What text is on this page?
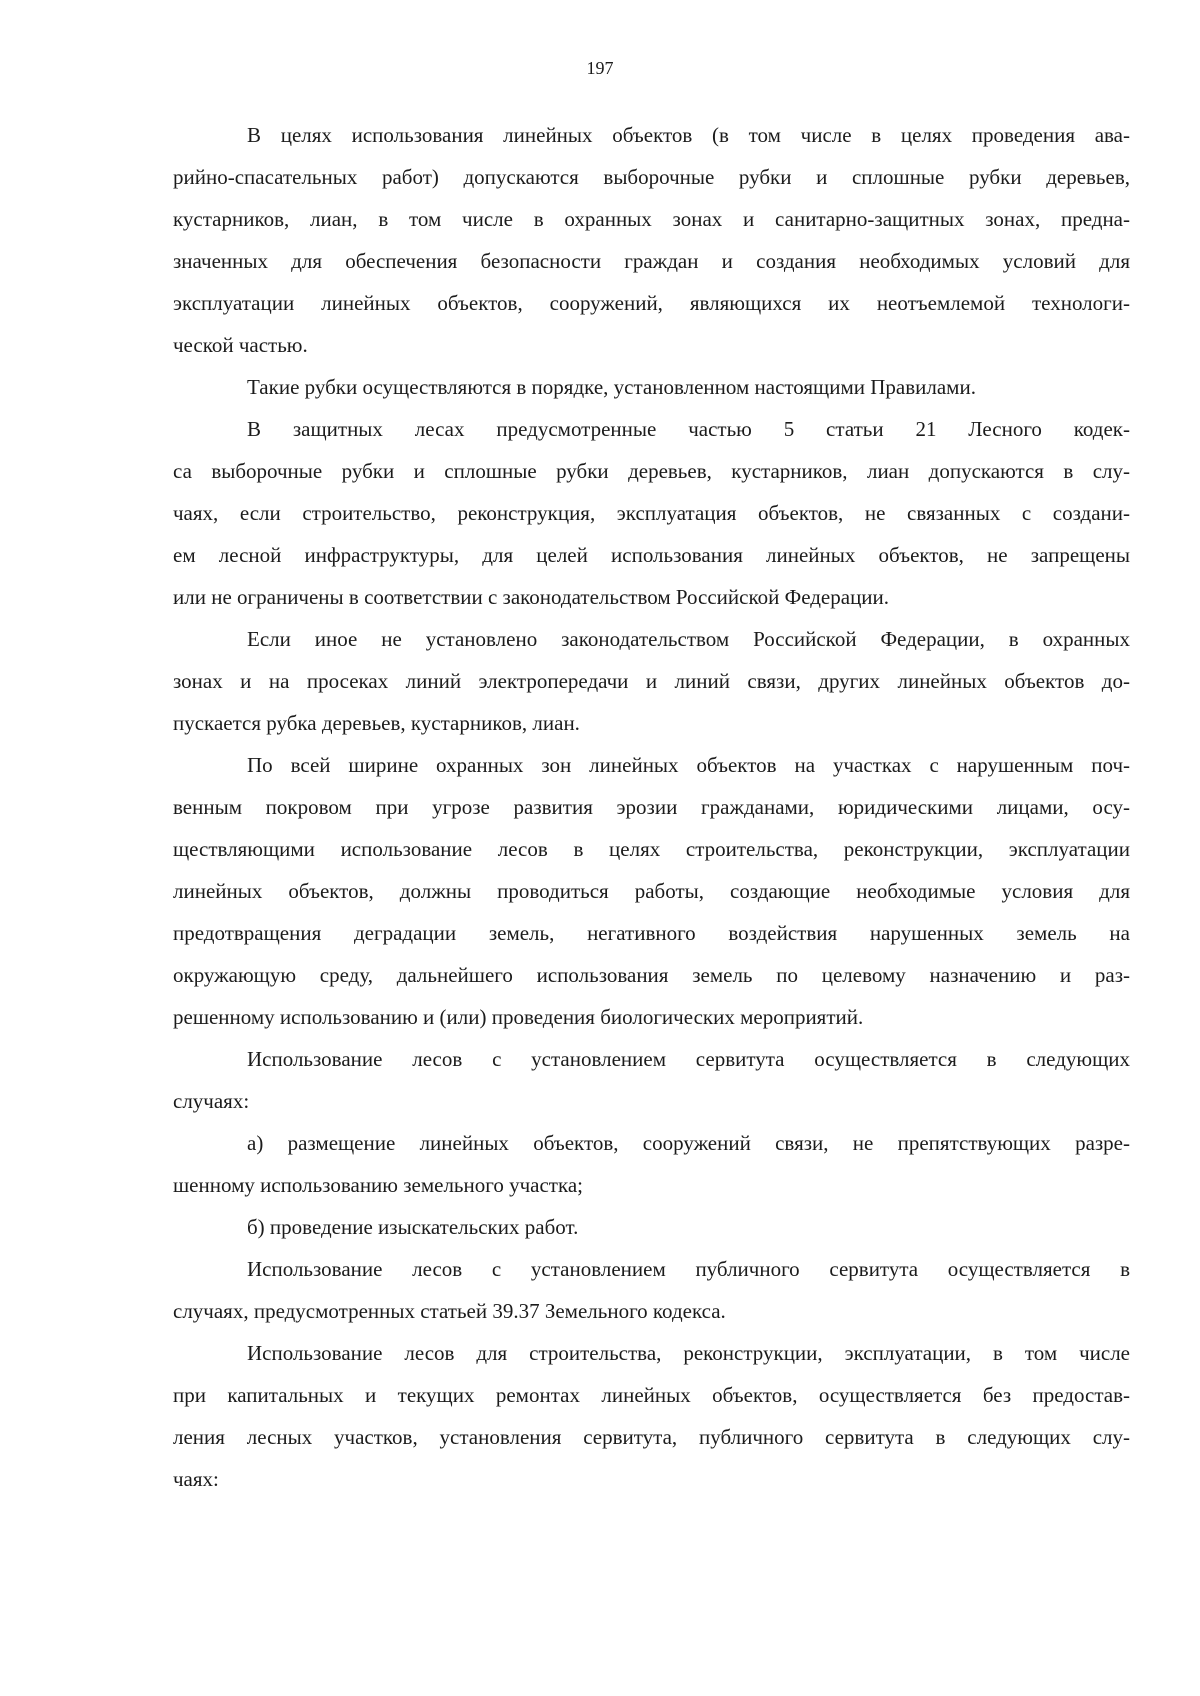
197
В целях использования линейных объектов (в том числе в целях проведения ава-
рийно-спасательных работ) допускаются выборочные рубки и сплошные рубки деревьев,
кустарников, лиан, в том числе в охранных зонах и санитарно-защитных зонах, предна-
значенных для обеспечения безопасности граждан и создания необходимых условий для
эксплуатации линейных объектов, сооружений, являющихся их неотъемлемой технологи-
ческой частью.
Такие рубки осуществляются в порядке, установленном настоящими Правилами.
В защитных лесах предусмотренные частью 5 статьи 21 Лесного кодек-
са выборочные рубки и сплошные рубки деревьев, кустарников, лиан допускаются в слу-
чаях, если строительство, реконструкция, эксплуатация объектов, не связанных с создани-
ем лесной инфраструктуры, для целей использования линейных объектов, не запрещены
или не ограничены в соответствии с законодательством Российской Федерации.
Если иное не установлено законодательством Российской Федерации, в охранных
зонах и на просеках линий электропередачи и линий связи, других линейных объектов до-
пускается рубка деревьев, кустарников, лиан.
По всей ширине охранных зон линейных объектов на участках с нарушенным поч-
венным покровом при угрозе развития эрозии гражданами, юридическими лицами, осу-
ществляющими использование лесов в целях строительства, реконструкции, эксплуатации
линейных объектов, должны проводиться работы, создающие необходимые условия для
предотвращения деградации земель, негативного воздействия нарушенных земель на
окружающую среду, дальнейшего использования земель по целевому назначению и раз-
решенному использованию и (или) проведения биологических мероприятий.
Использование лесов с установлением сервитута осуществляется в следующих
случаях:
а) размещение линейных объектов, сооружений связи, не препятствующих разре-
шенному использованию земельного участка;
б) проведение изыскательских работ.
Использование лесов с установлением публичного сервитута осуществляется в
случаях, предусмотренных статьей 39.37 Земельного кодекса.
Использование лесов для строительства, реконструкции, эксплуатации, в том числе
при капитальных и текущих ремонтах линейных объектов, осуществляется без предостав-
ления лесных участков, установления сервитута, публичного сервитута в следующих слу-
чаях:
